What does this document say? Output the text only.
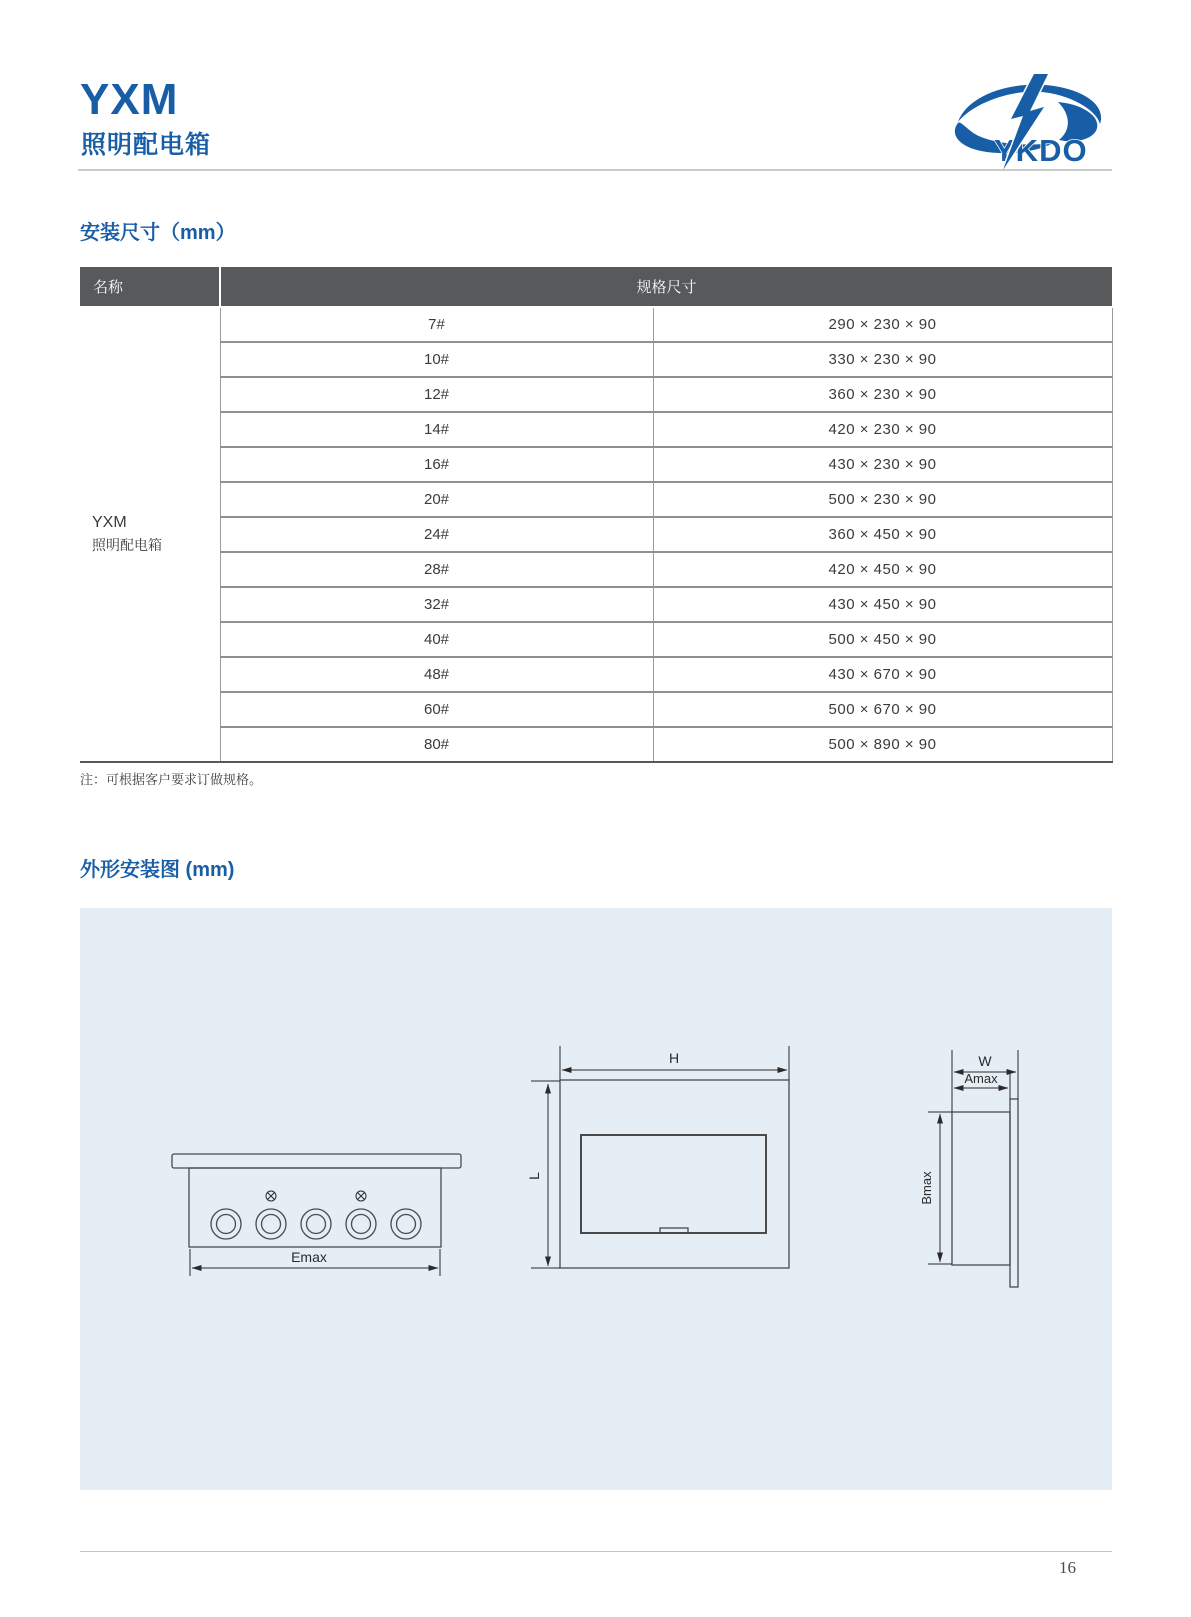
YXM
照明配电箱	YKDO
安装尺寸（mm）
名称	规格尺寸	

YXM
照明配电箱	7#	290 × 230 × 90
	10#	330 × 230 × 90
	12#	360 × 230 × 90
	14#	420 × 230 × 90
	16#	430 × 230 × 90
	20#	500 × 230 × 90
	24#	360 × 450 × 90
	28#	420 × 450 × 90
	32#	430 × 450 × 90
	40#	500 × 450 × 90
	48#	430 × 670 × 90
	60#	500 × 670 × 90
	80#	500 × 890 × 90
注：可根据客户要求订做规格。
外形安装图 (mm)
Emax
H
L
W
Amax
Bmax
16
